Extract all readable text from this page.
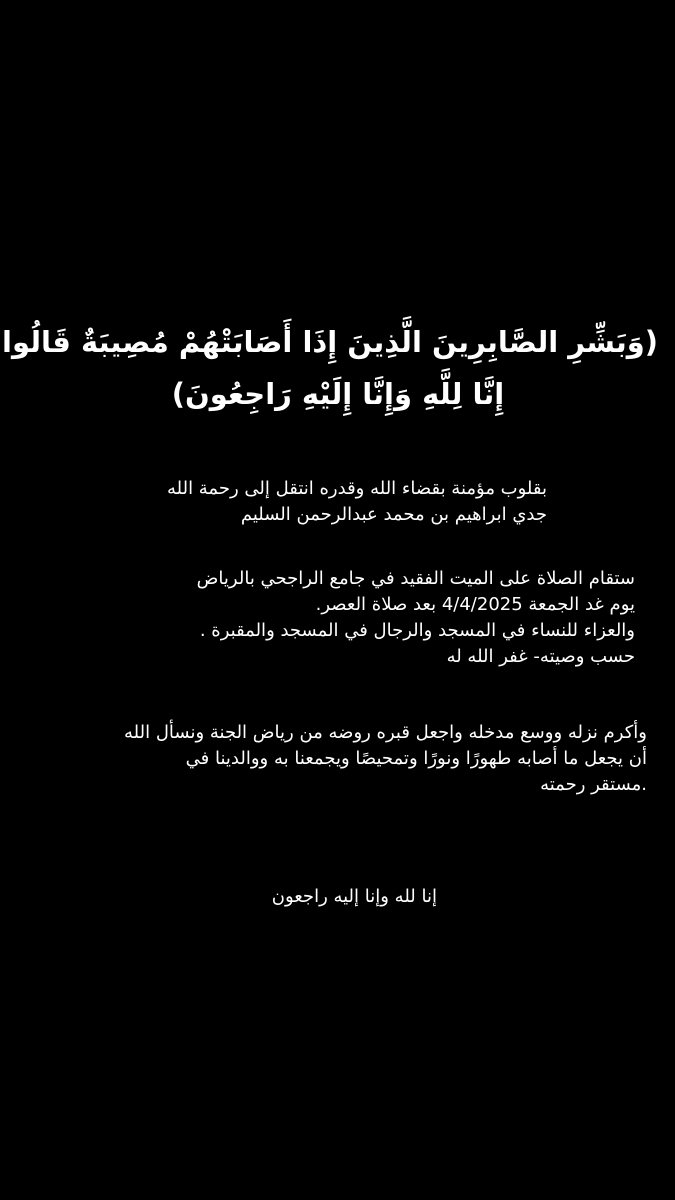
(وَبَشِّرِ الصَّابِرِينَ الَّذِينَ إِذَا أَصَابَتْهُمْ مُصِيبَةٌ قَالُوا
إِنَّا لِلَّهِ وَإِنَّا إِلَيْهِ رَاجِعُونَ)
بقلوب مؤمنة بقضاء الله وقدره انتقل إلى رحمة الله
جدي ابراهيم بن محمد عبدالرحمن السليم
ستقام الصلاة على الميت الفقيد في جامع الراجحي بالرياض
يوم غد الجمعة 4/4/2025 بعد صلاة العصر.
والعزاء للنساء في المسجد والرجال في المسجد والمقبرة .
حسب وصيته- غفر الله له
وأكرم نزله ووسع مدخله واجعل قبره روضه من رياض الجنة ونسأل الله
أن يجعل ما أصابه طهورًا ونورًا وتمحيصًا ويجمعنا به ووالدينا في
.مستقر رحمته
إنا لله وإنا إليه راجعون
